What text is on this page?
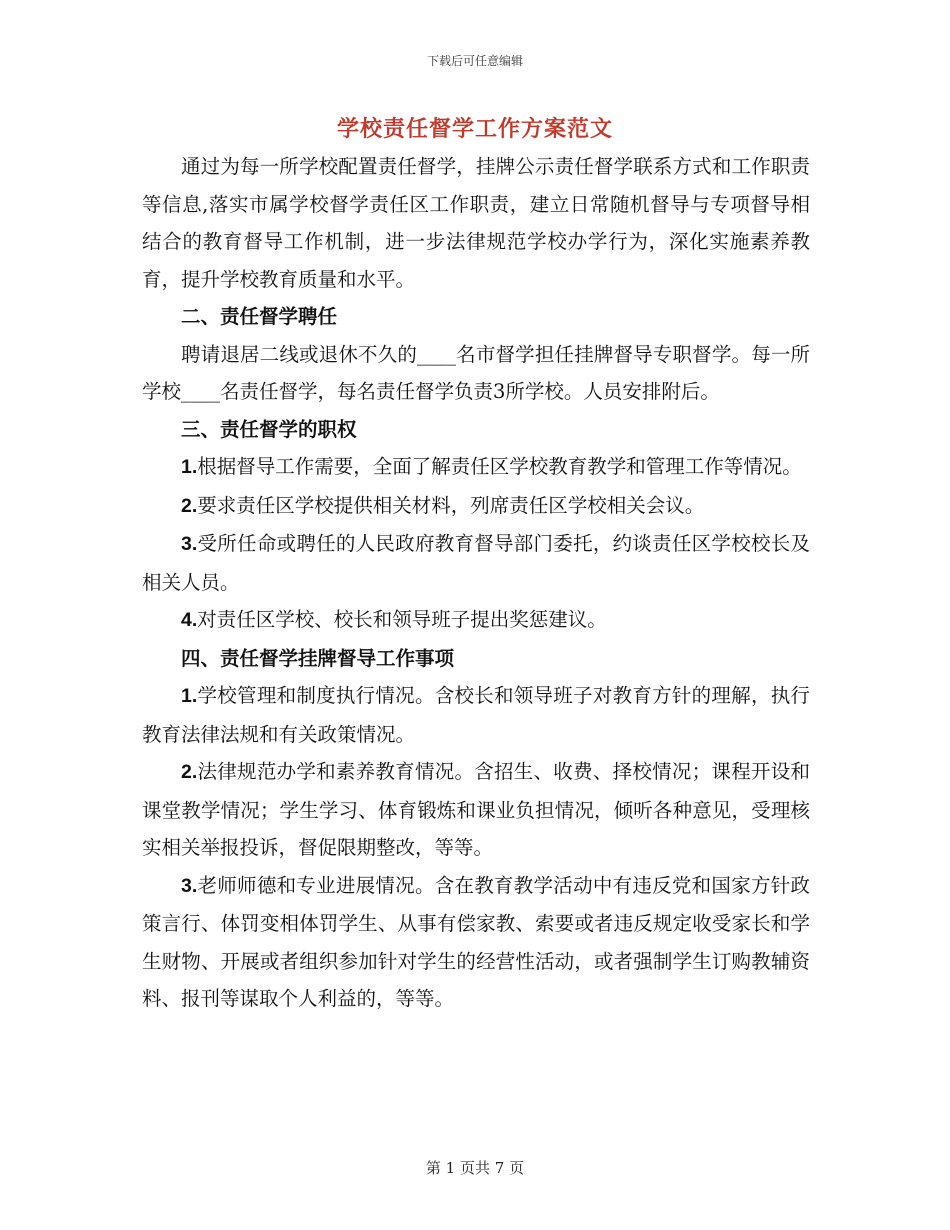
下载后可任意编辑
学校责任督学工作方案范文

通过为每一所学校配置责任督学，挂牌公示责任督学联系方式和工作职责等信息,落实市属学校督学责任区工作职责，建立日常随机督导与专项督导相结合的教育督导工作机制，进一步法律规范学校办学行为，深化实施素养教育，提升学校教育质量和水平。

二、责任督学聘任

聘请退居二线或退休不久的____名市督学担任挂牌督导专职督学。每一所学校____名责任督学，每名责任督学负责3所学校。人员安排附后。

三、责任督学的职权

1.根据督导工作需要，全面了解责任区学校教育教学和管理工作等情况。

2.要求责任区学校提供相关材料，列席责任区学校相关会议。

3.受所任命或聘任的人民政府教育督导部门委托，约谈责任区学校校长及相关人员。

4.对责任区学校、校长和领导班子提出奖惩建议。

四、责任督学挂牌督导工作事项

1.学校管理和制度执行情况。含校长和领导班子对教育方针的理解，执行教育法律法规和有关政策情况。

2.法律规范办学和素养教育情况。含招生、收费、择校情况；课程开设和课堂教学情况；学生学习、体育锻炼和课业负担情况，倾听各种意见，受理核实相关举报投诉，督促限期整改，等等。

3.老师师德和专业进展情况。含在教育教学活动中有违反党和国家方针政策言行、体罚变相体罚学生、从事有偿家教、索要或者违反规定收受家长和学生财物、开展或者组织参加针对学生的经营性活动，或者强制学生订购教辅资料、报刊等谋取个人利益的，等等。

第 1 页共 7 页
